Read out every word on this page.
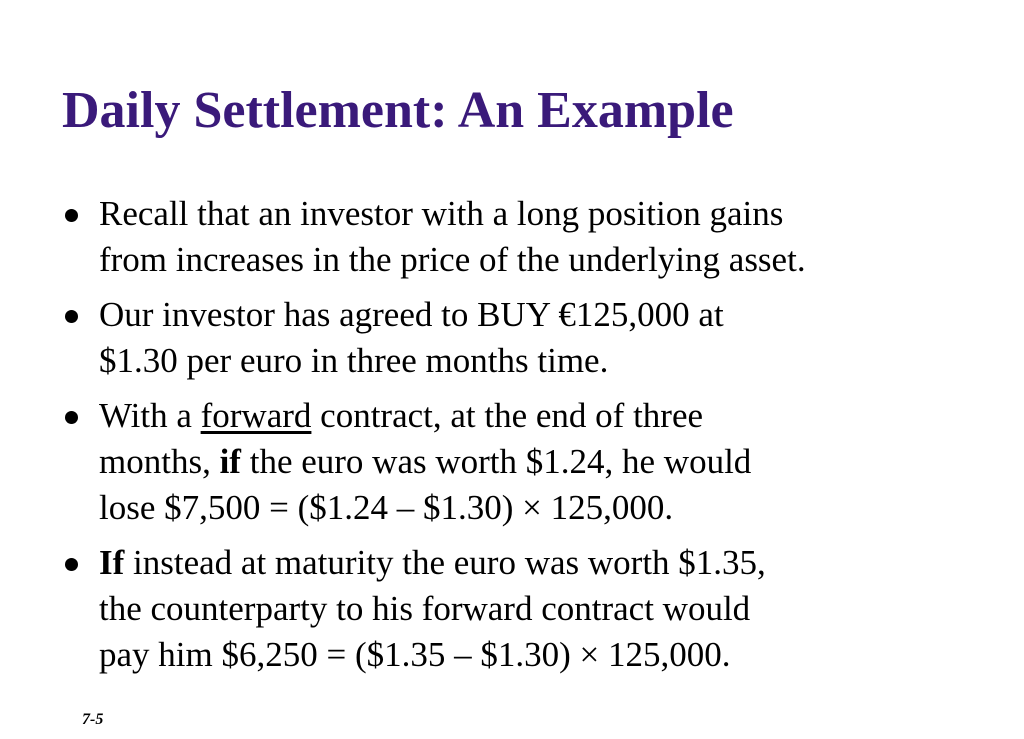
Daily Settlement: An Example
Recall that an investor with a long position gains
from increases in the price of the underlying asset.
Our investor has agreed to BUY €125,000 at
$1.30 per euro in three months time.
With a forward contract, at the end of three
months, if the euro was worth $1.24, he would
lose $7,500 = ($1.24 – $1.30) × 125,000.
If instead at maturity the euro was worth $1.35,
the counterparty to his forward contract would
pay him $6,250 = ($1.35 – $1.30) × 125,000.
7-5
